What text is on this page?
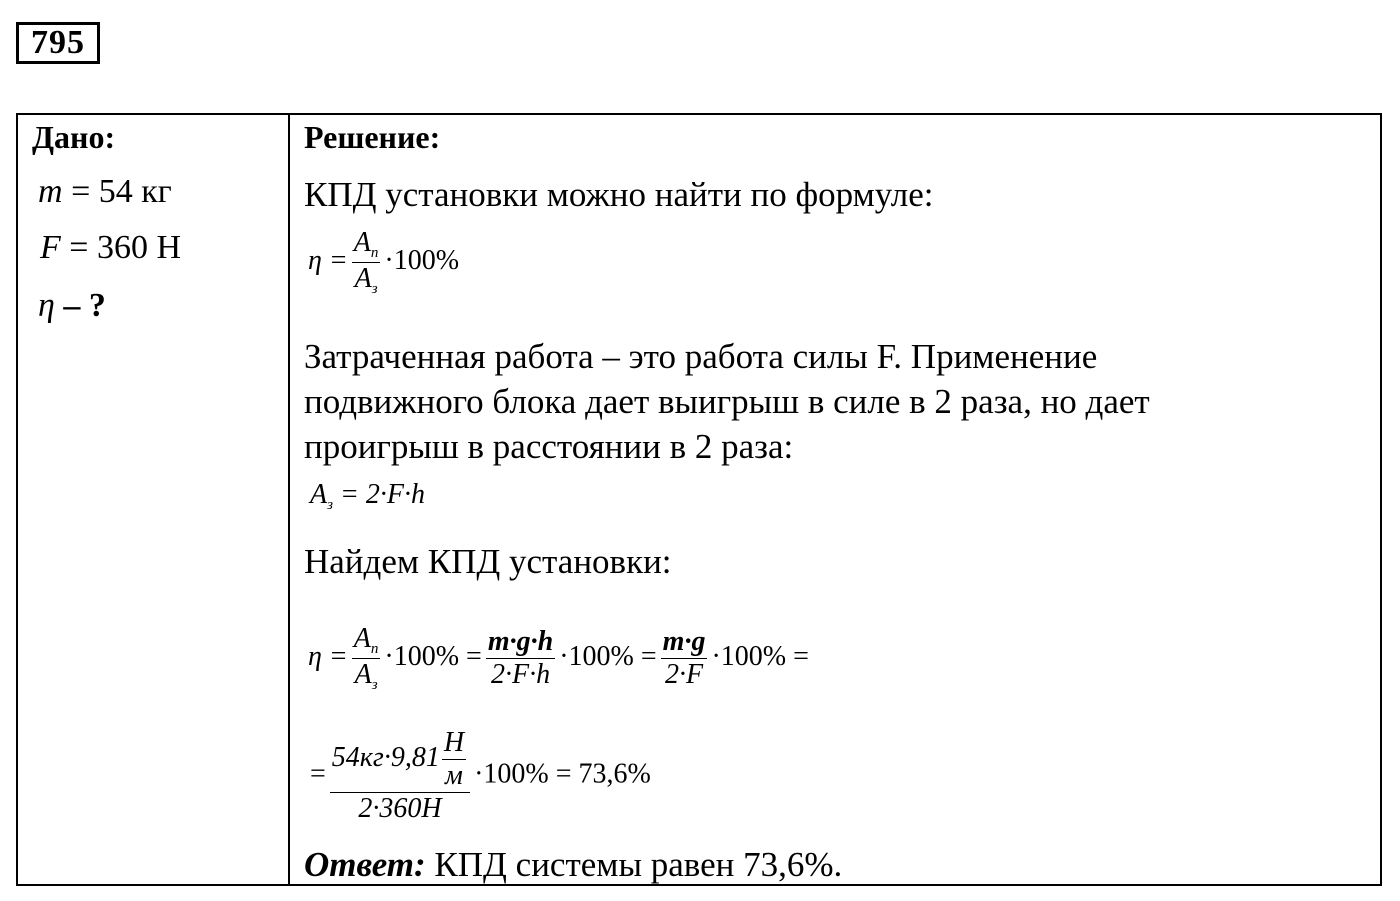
795
Дано:
m = 54 кг
F = 360 Н
η – ?
Решение:
КПД установки можно найти по формуле:
$\eta = \frac{A_п}{A_з} \cdot 100\%$
Затраченная работа – это работа силы F. Применение
подвижного блока дает выигрыш в силе в 2 раза, но дает
проигрыш в расстоянии в 2 раза:
$A_з = 2\cdot F\cdot h$
Найдем КПД установки:
$\eta = \frac{A_п}{A_з} \cdot 100\% = \frac{m\cdot g\cdot h}{2\cdot F\cdot h} \cdot 100\% = \frac{m\cdot g}{2\cdot F} \cdot 100\%$ =
= $\frac{54кг\cdot 9,81 \frac{Н}{м}}{2\cdot 360Н} \cdot 100\% = 73,6\%$
Ответ: КПД системы равен 73,6%.
